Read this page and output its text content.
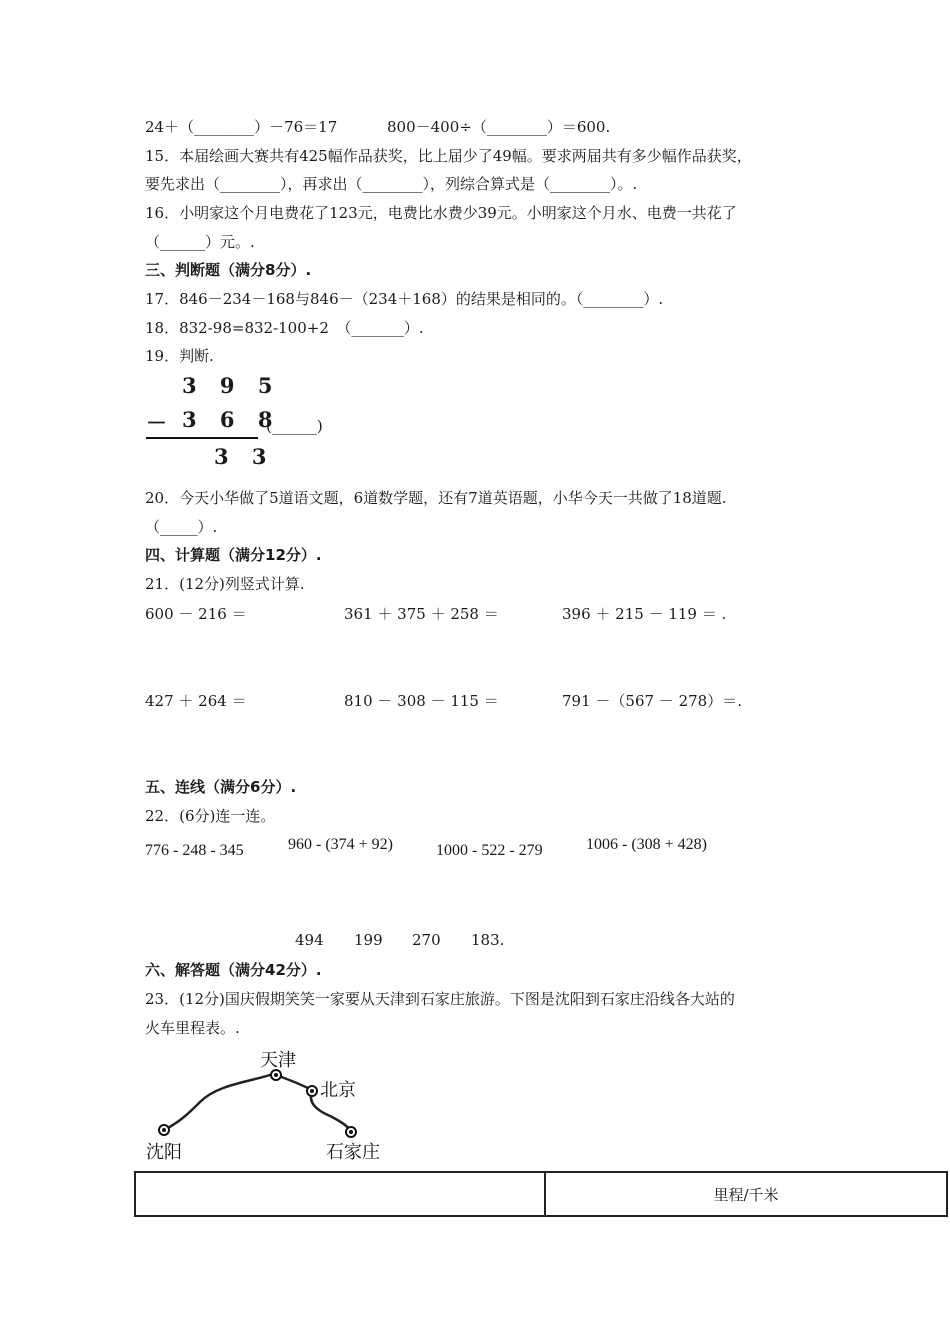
24＋（________）－76＝17	800－400÷（________）＝600.
15．本届绘画大赛共有425幅作品获奖，比上届少了49幅。要求两届共有多少幅作品获奖，
要先求出（________），再求出（________），列综合算式是（________）。.
16．小明家这个月电费花了123元，电费比水费少39元。小明家这个月水、电费一共花了
（______）元。.
三、判断题（满分8分）.
17．846－234－168与846－（234＋168）的结果是相同的。（________）.
18．832-98=832-100+2　（_______）.
19．判断.
3 9 5
－ 3 6 8
3 3
(______)
20．今天小华做了5道语文题，6道数学题，还有7道英语题，小华今天一共做了18道题.
（_____）.
四、计算题（满分12分）.
21．(12分)列竖式计算.
600 － 216 ＝	361 ＋ 375 ＋ 258 ＝	396 ＋ 215 － 119 ＝ .
427 ＋ 264 ＝	810 － 308 － 115 ＝	791 －（567 － 278）＝.
五、连线（满分6分）.
22．(6分)连一连。
776 - 248 - 345	960 - (374 + 92)	1000 - 522 - 279	1006 - (308 + 428)
494 199 270 183.
六、解答题（满分42分）.
23．(12分)国庆假期笑笑一家要从天津到石家庄旅游。下图是沈阳到石家庄沿线各大站的
火车里程表。.
天津
北京
沈阳	石家庄
	里程/千米
